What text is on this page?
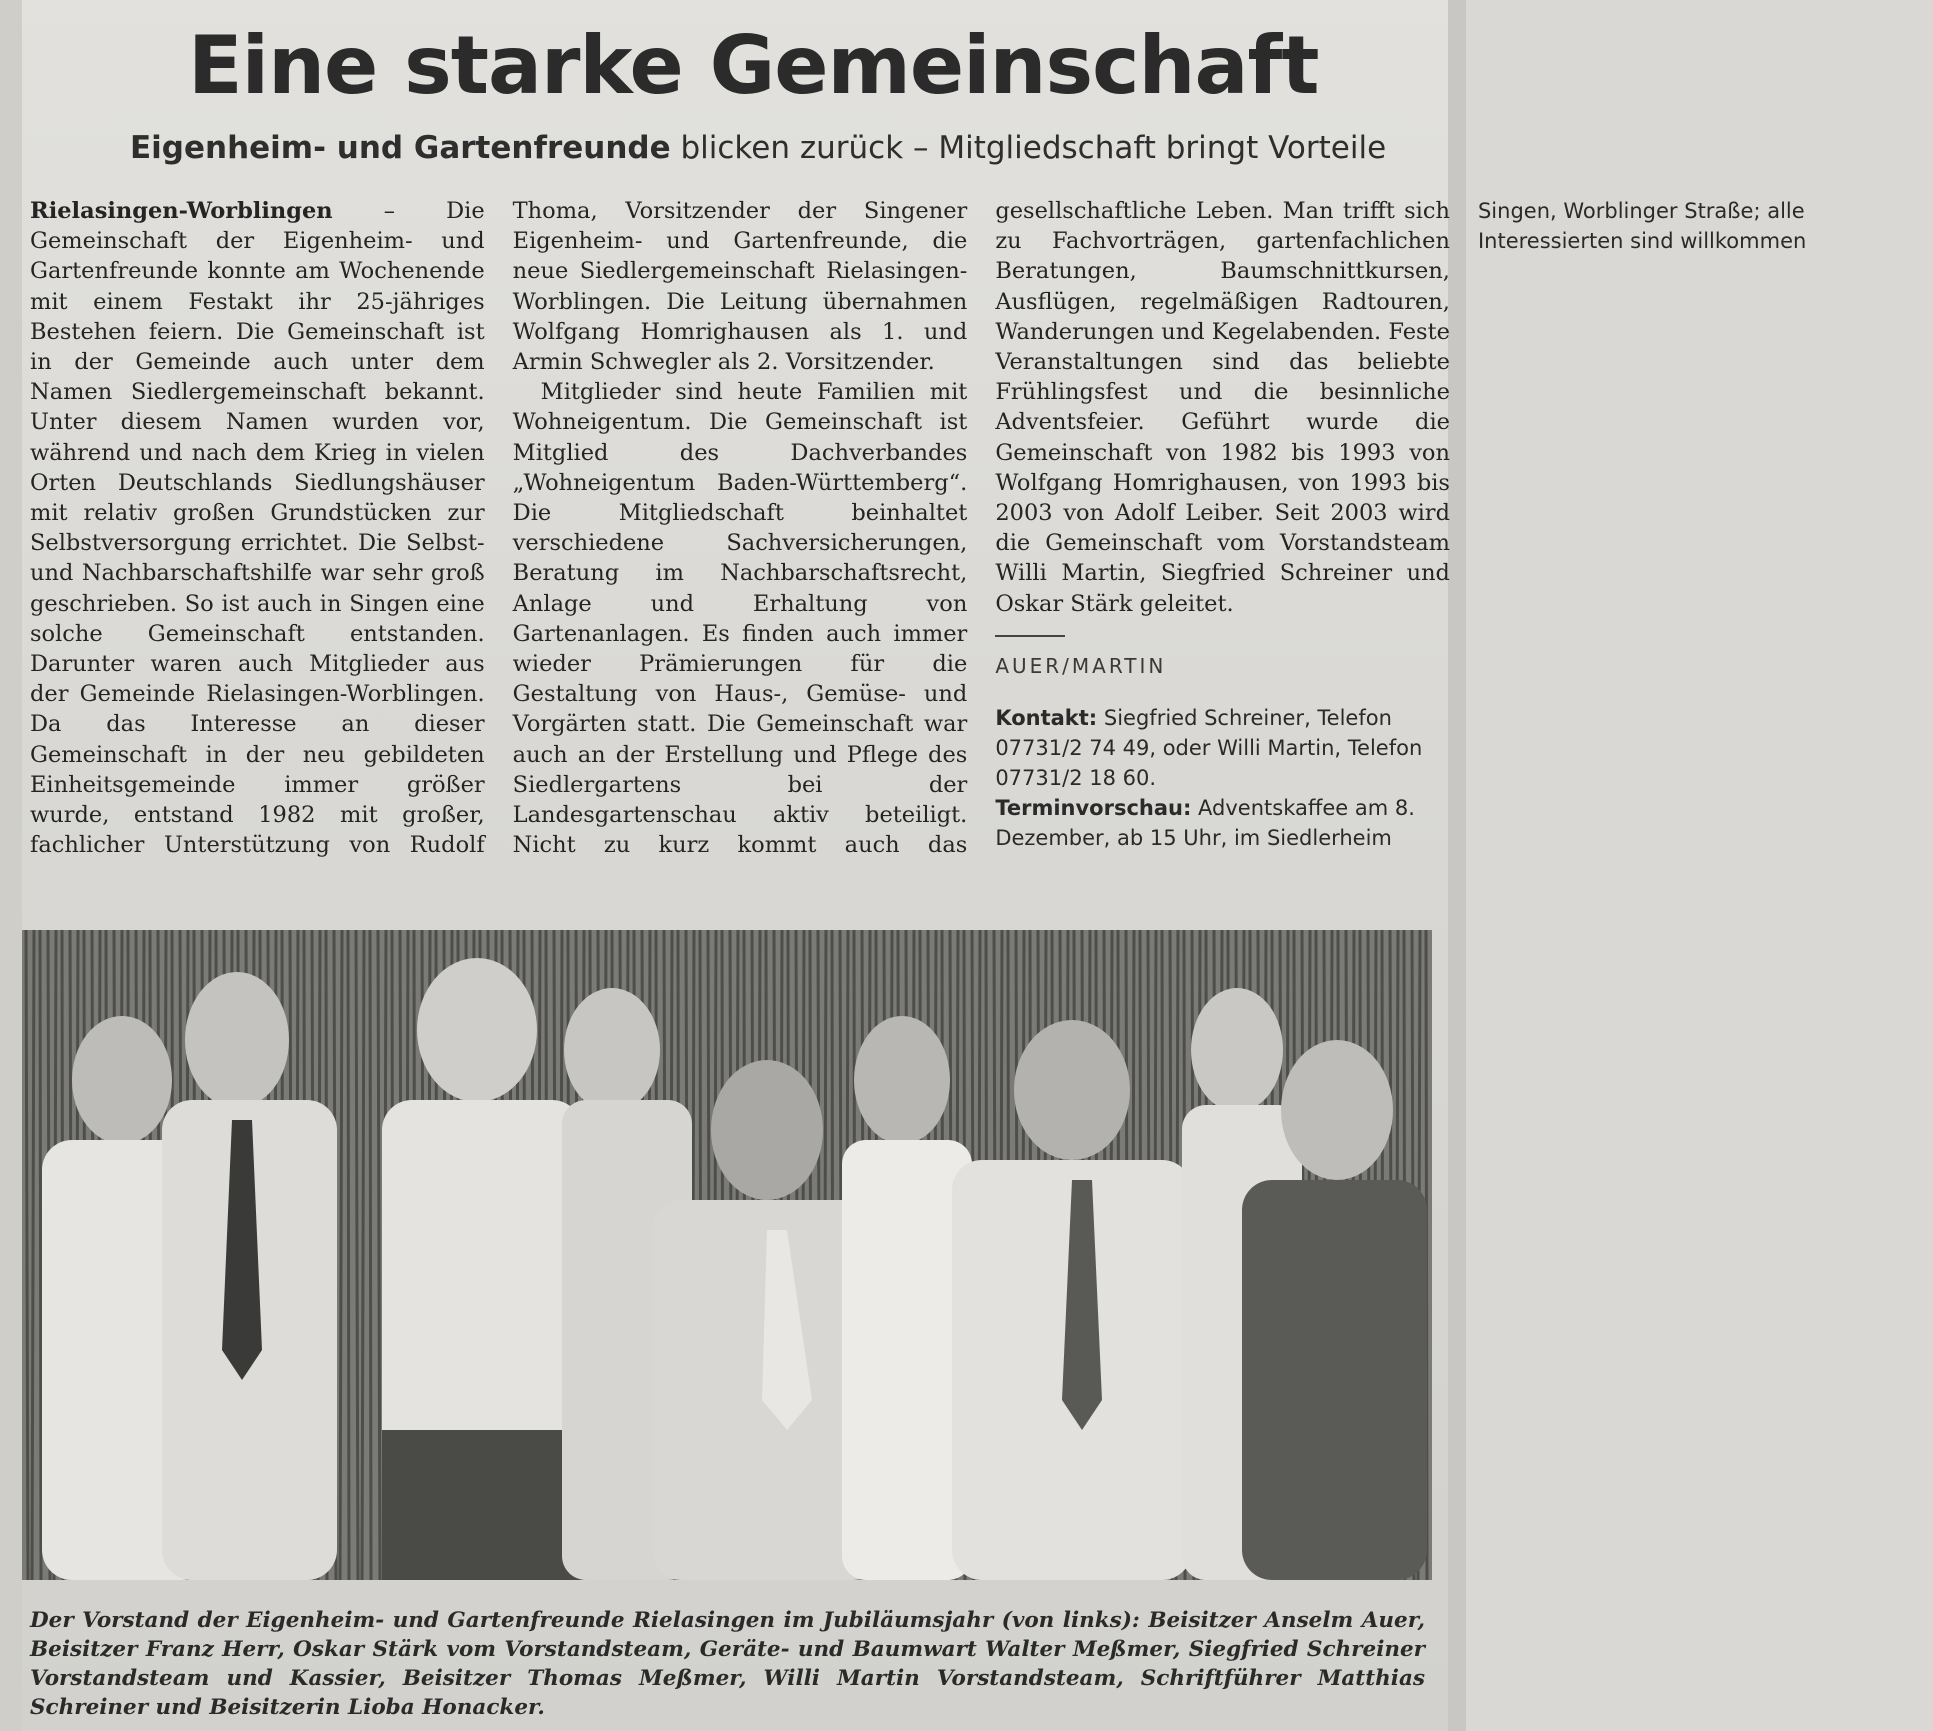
Eine starke Gemeinschaft
Eigenheim- und Gartenfreunde blicken zurück – Mitgliedschaft bringt Vorteile

Rielasingen-Worblingen – Die Gemeinschaft der Eigenheim- und Gartenfreunde konnte am Wochenende mit einem Festakt ihr 25-jähriges Bestehen feiern. Die Gemeinschaft ist in der Gemeinde auch unter dem Namen Siedlergemeinschaft bekannt. Unter diesem Namen wurden vor, während und nach dem Krieg in vielen Orten Deutschlands Siedlungshäuser mit relativ großen Grundstücken zur Selbstversorgung errichtet. Die Selbst- und Nachbarschaftshilfe war sehr groß geschrieben. So ist auch in Singen eine solche Gemeinschaft entstanden. Darunter waren auch Mitglieder aus der Gemeinde Rielasingen-Worblingen. Da das Interesse an dieser Gemeinschaft in der neu gebildeten Einheitsgemeinde immer größer wurde, entstand 1982 mit großer, fachlicher Unterstützung von Rudolf Thoma, Vorsitzender der Singener Eigenheim- und Gartenfreunde, die neue Siedlergemeinschaft Rielasingen-Worblingen. Die Leitung übernahmen Wolfgang Homrighausen als 1. und Armin Schwegler als 2. Vorsitzender.

Mitglieder sind heute Familien mit Wohneigentum. Die Gemeinschaft ist Mitglied des Dachverbandes „Wohneigentum Baden-Württemberg“. Die Mitgliedschaft beinhaltet verschiedene Sachversicherungen, Beratung im Nachbarschaftsrecht, Anlage und Erhaltung von Gartenanlagen. Es finden auch immer wieder Prämierungen für die Gestaltung von Haus-, Gemüse- und Vorgärten statt. Die Gemeinschaft war auch an der Erstellung und Pflege des Siedlergartens bei der Landesgartenschau aktiv beteiligt. Nicht zu kurz kommt auch das gesellschaftliche Leben. Man trifft sich zu Fachvorträgen, gartenfachlichen Beratungen, Baumschnittkursen, Ausflügen, regelmäßigen Radtouren, Wanderungen und Kegelabenden. Feste Veranstaltungen sind das beliebte Frühlingsfest und die besinnliche Adventsfeier. Geführt wurde die Gemeinschaft von 1982 bis 1993 von Wolfgang Homrighausen, von 1993 bis 2003 von Adolf Leiber. Seit 2003 wird die Gemeinschaft vom Vorstandsteam Willi Martin, Siegfried Schreiner und Oskar Stärk geleitet.

AUER/MARTIN
Kontakt: Siegfried Schreiner, Telefon 07731/2 74 49, oder Willi Martin, Telefon 07731/2 18 60.
Terminvorschau: Adventskaffee am 8. Dezember, ab 15 Uhr, im Siedlerheim Singen, Worblinger Straße; alle Interessierten sind willkommen
Der Vorstand der Eigenheim- und Gartenfreunde Rielasingen im Jubiläumsjahr (von links): Beisitzer Anselm Auer, Beisitzer Franz Herr, Oskar Stärk vom Vorstandsteam, Geräte- und Baumwart Walter Meßmer, Siegfried Schreiner Vorstandsteam und Kassier, Beisitzer Thomas Meßmer, Willi Martin Vorstandsteam, Schriftführer Matthias Schreiner und Beisitzerin Lioba Honacker.
